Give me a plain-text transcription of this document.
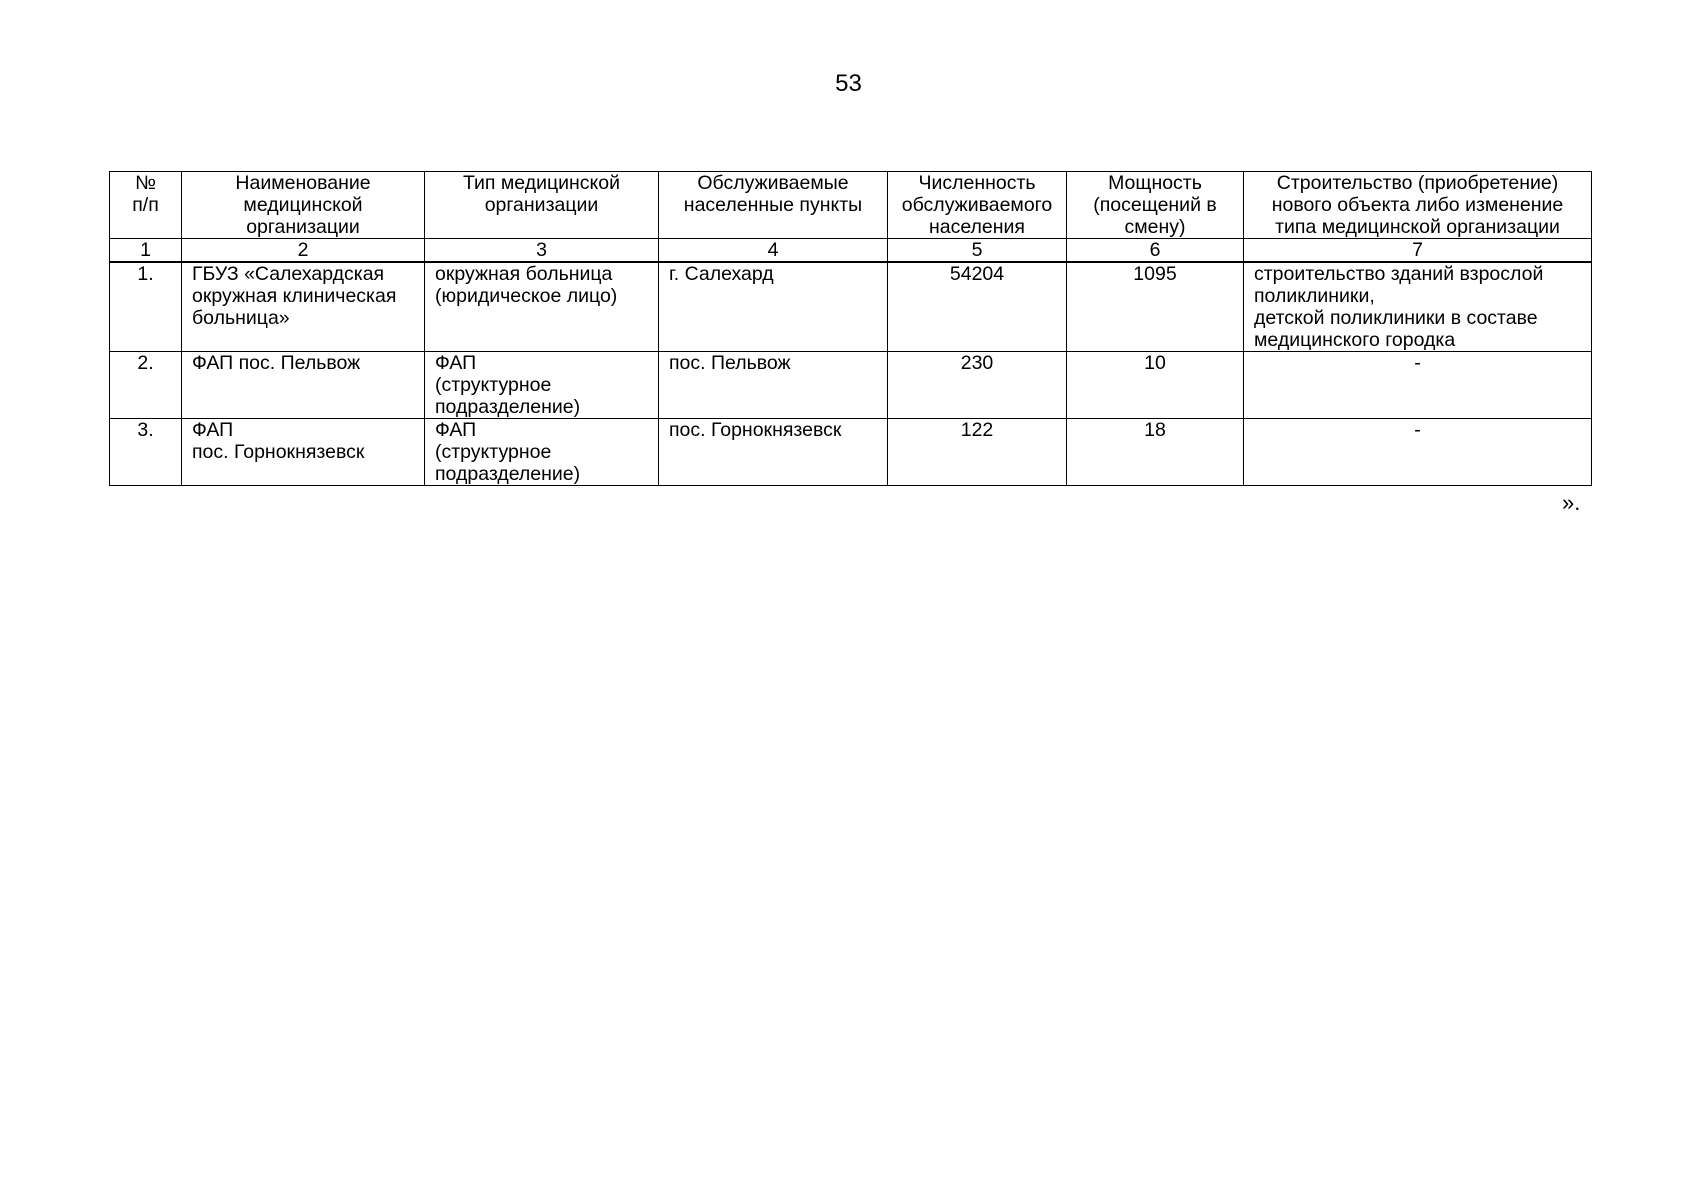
53
№
п/п	Наименование
медицинской
организации	Тип медицинской
организации	Обслуживаемые
населенные пункты	Численность
обслуживаемого
населения	Мощность
(посещений в
смену)	Строительство (приобретение)
нового объекта либо изменение
типа медицинской организации
1	2	3	4	5	6	7
1.	ГБУЗ «Салехардская
окружная клиническая
больница»	окружная больница
(юридическое лицо)	г. Салехард	54204	1095	строительство зданий взрослой
поликлиники,
детской поликлиники в составе
медицинского городка
2.	ФАП пос. Пельвож	ФАП
(структурное
подразделение)	пос. Пельвож	230	10	-
3.	ФАП
пос. Горнокнязевск	ФАП
(структурное
подразделение)	пос. Горнокнязевск	122	18	-
».
